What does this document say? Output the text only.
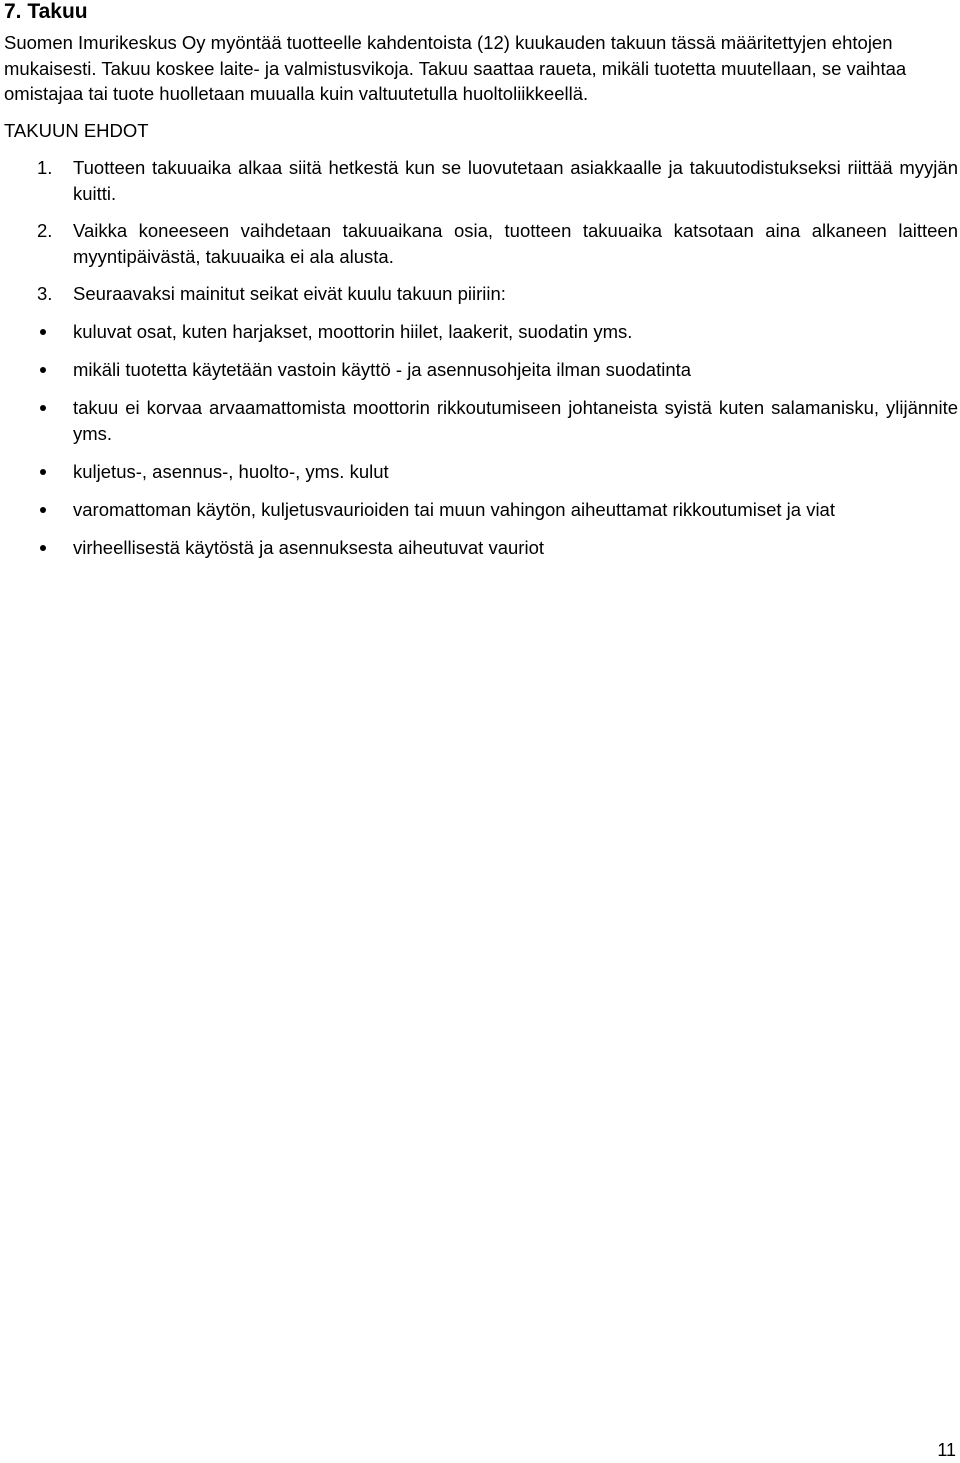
7. Takuu

Suomen Imurikeskus Oy myöntää tuotteelle kahdentoista (12) kuukauden takuun tässä määritettyjen ehtojen mukaisesti. Takuu koskee laite- ja valmistusvikoja. Takuu saattaa raueta, mikäli tuotetta muutellaan, se vaihtaa omistajaa tai tuote huolletaan muualla kuin valtuutetulla huoltoliikkeellä.

TAKUUN EHDOT

1.	Tuotteen takuuaika alkaa siitä hetkestä kun se luovutetaan asiakkaalle ja takuutodistukseksi riittää myyjän kuitti.
2.	Vaikka koneeseen vaihdetaan takuuaikana osia, tuotteen takuuaika katsotaan aina alkaneen laitteen myyntipäivästä, takuuaika ei ala alusta.
3.	Seuraavaksi mainitut seikat eivät kuulu takuun piiriin:
kuluvat osat, kuten harjakset, moottorin hiilet, laakerit, suodatin yms.
mikäli tuotetta käytetään vastoin käyttö - ja asennusohjeita ilman suodatinta
takuu ei korvaa arvaamattomista moottorin rikkoutumiseen johtaneista syistä kuten salamanisku, ylijännite yms.
kuljetus-, asennus-, huolto-, yms. kulut
varomattoman käytön, kuljetusvaurioiden tai muun vahingon aiheuttamat rikkoutumiset ja viat
virheellisestä käytöstä ja asennuksesta aiheutuvat vauriot
11
